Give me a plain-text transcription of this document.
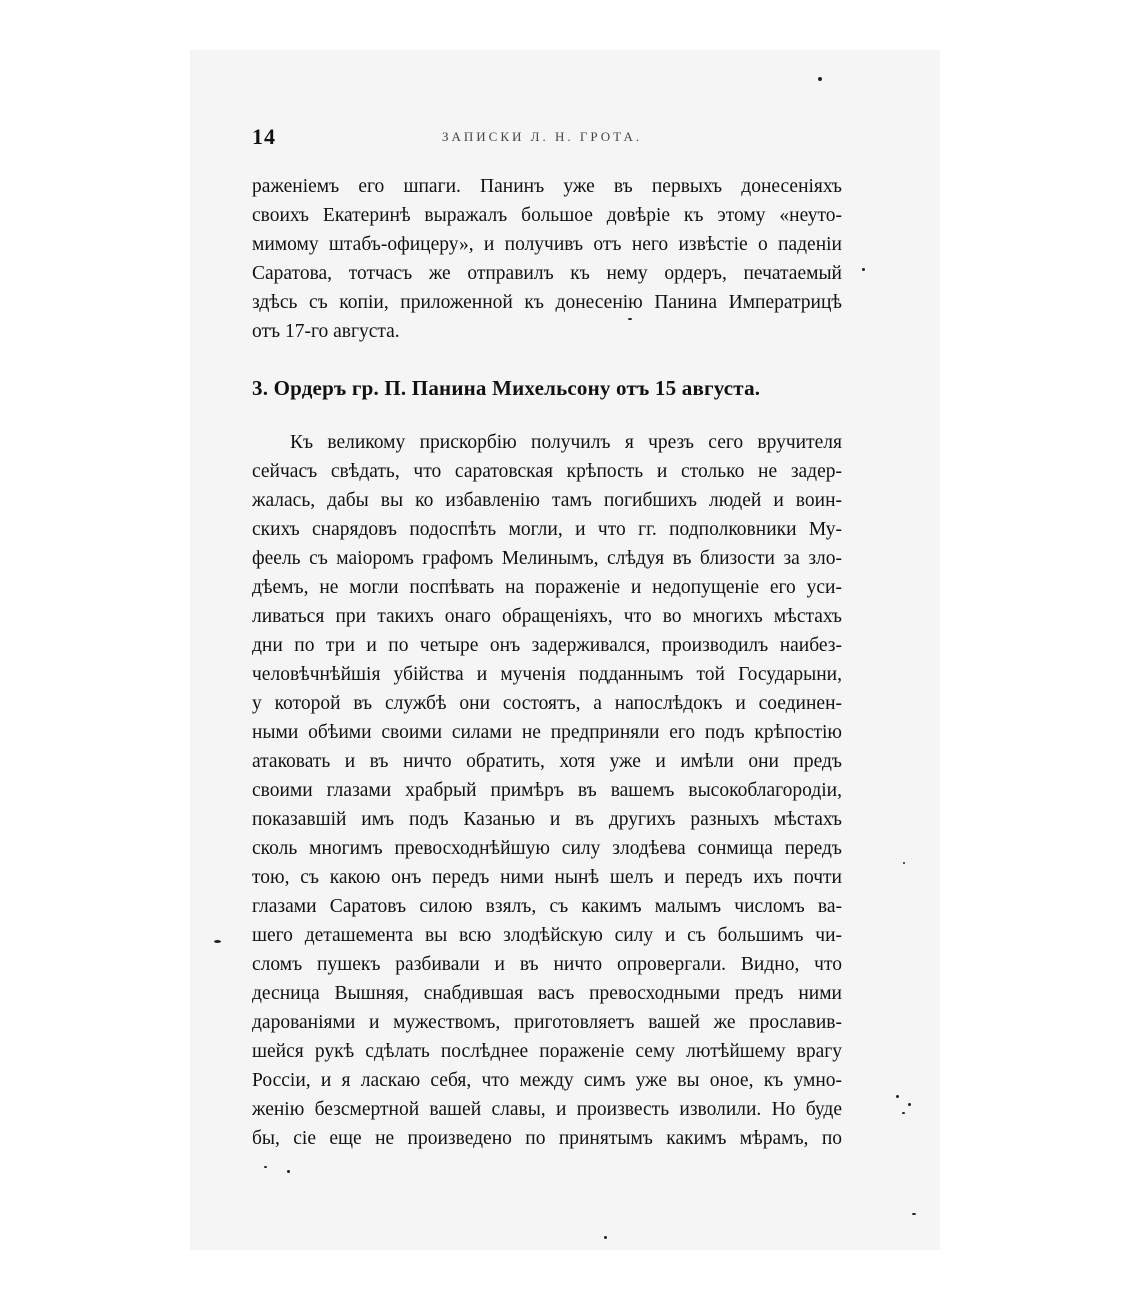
14	ЗАПИСКИ Л. Н. ГРОТА.
раженіемъ его шпаги. Панинъ уже въ первыхъ донесеніяхъ
своихъ Екатеринѣ выражалъ большое довѣріе къ этому «неуто-
мимому штабъ-офицеру», и получивъ отъ него извѣстіе о паденіи
Саратова, тотчасъ же отправилъ къ нему ордеръ, печатаемый
здѣсь съ копіи, приложенной къ донесенію Панина Императрицѣ
отъ 17-го августа.
3. Ордеръ гр. П. Панина Михельсону отъ 15 августа.
Къ великому прискорбію получилъ я чрезъ сего вручителя
сейчасъ свѣдать, что саратовская крѣпость и столько не задер-
жалась, дабы вы ко избавленію тамъ погибшихъ людей и воин-
скихъ снарядовъ подоспѣть могли, и что гг. подполковники Му-
феель съ маіоромъ графомъ Мелинымъ, слѣдуя въ близости за зло-
дѣемъ, не могли поспѣвать на пораженіе и недопущеніе его уси-
ливаться при такихъ онаго обращеніяхъ, что во многихъ мѣстахъ
дни по три и по четыре онъ задерживался, производилъ наибез-
человѣчнѣйшія убійства и мученія подданнымъ той Государыни,
у которой въ службѣ они состоятъ, а напослѣдокъ и соединен-
ными обѣими своими силами не предприняли его подъ крѣпостію
атаковать и въ ничто обратить, хотя уже и имѣли они предъ
своими глазами храбрый примѣръ въ вашемъ высокоблагородіи,
показавшій имъ подъ Казанью и въ другихъ разныхъ мѣстахъ
сколь многимъ превосходнѣйшую силу злодѣева сонмища передъ
тою, съ какою онъ передъ ними нынѣ шелъ и передъ ихъ почти
глазами Саратовъ силою взялъ, съ какимъ малымъ числомъ ва-
шего деташемента вы всю злодѣйскую силу и съ большимъ чи-
сломъ пушекъ разбивали и въ ничто опровергали. Видно, что
десница Вышняя, снабдившая васъ превосходными предъ ними
дарованіями и мужествомъ, приготовляетъ вашей же прославив-
шейся рукѣ сдѣлать послѣднее пораженіе сему лютѣйшему врагу
Россіи, и я ласкаю себя, что между симъ уже вы оное, къ умно-
женію безсмертной вашей славы, и произвесть изволили. Но буде
бы, сіе еще не произведено по принятымъ какимъ мѣрамъ, по
